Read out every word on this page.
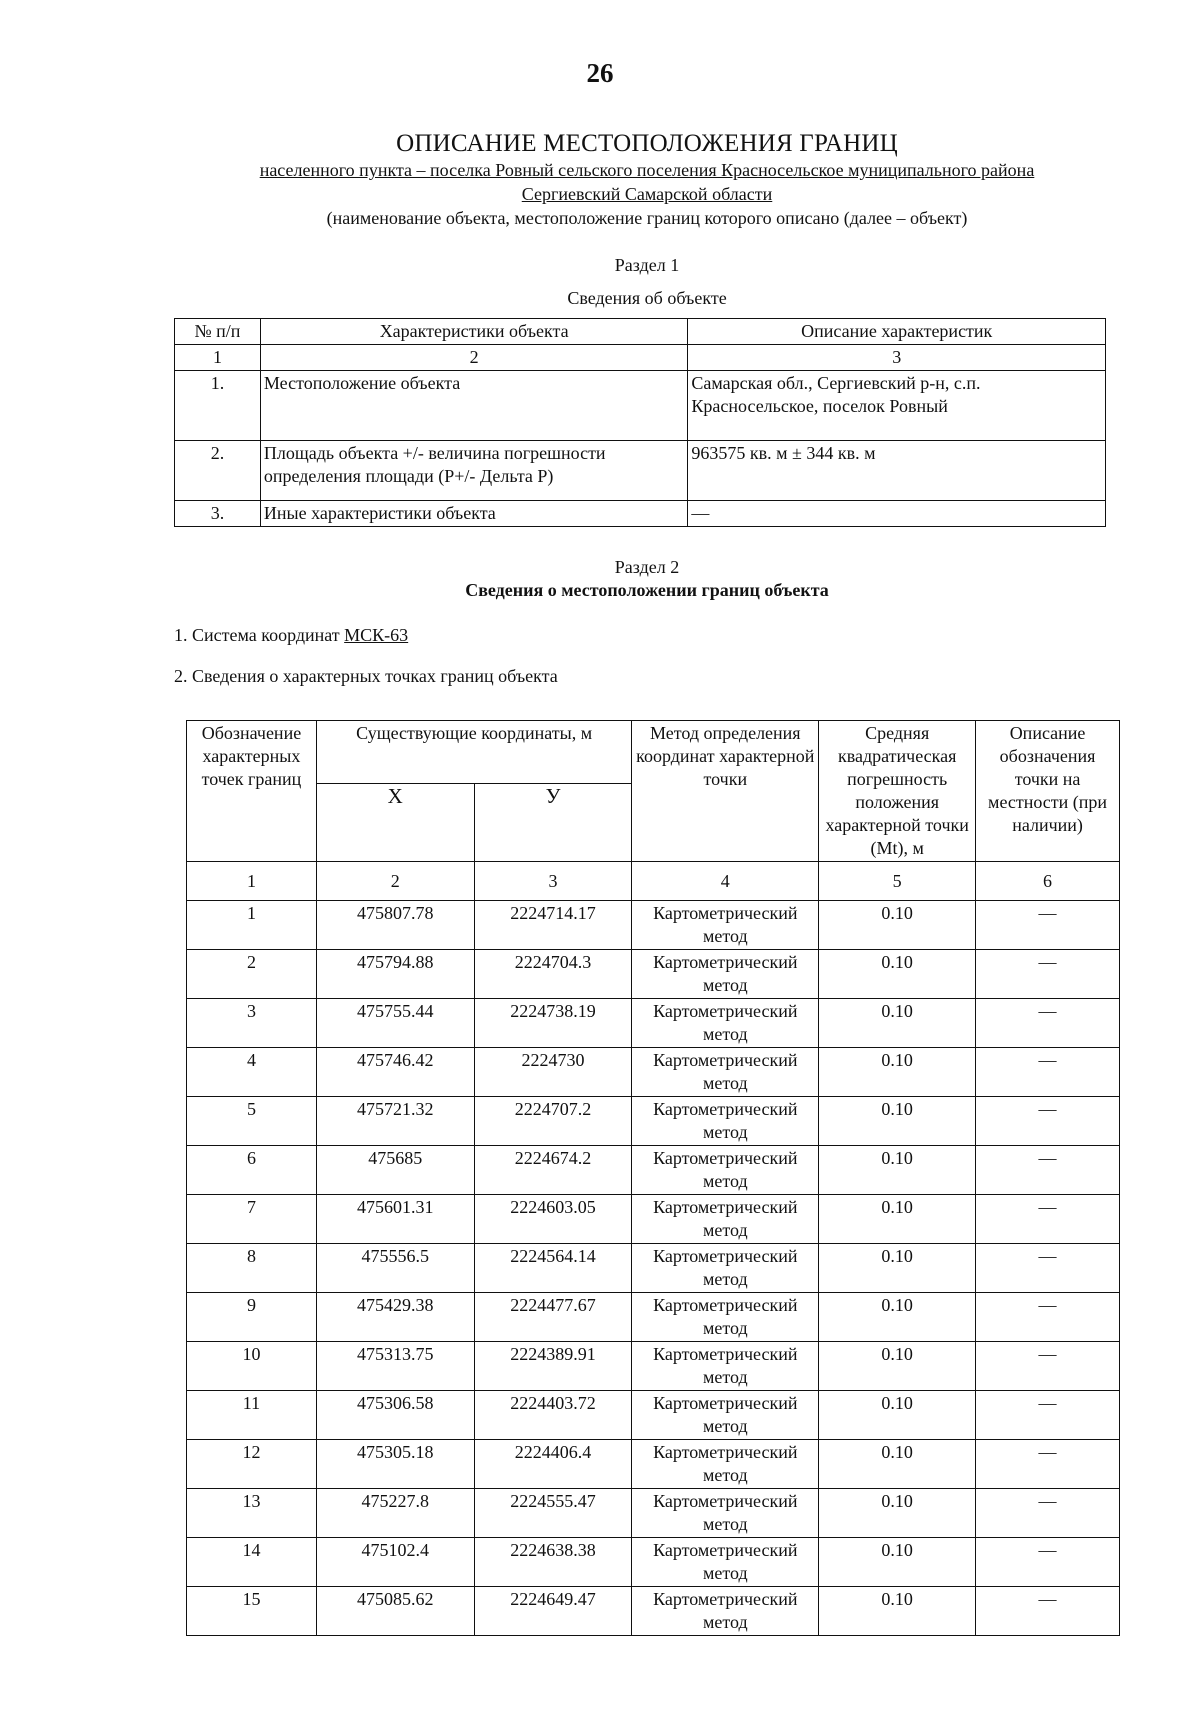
26
ОПИСАНИЕ МЕСТОПОЛОЖЕНИЯ ГРАНИЦ
населенного пункта – поселка Ровный сельского поселения Красносельское муниципального района
Сергиевский Самарской области
(наименование объекта, местоположение границ которого описано (далее – объект)
Раздел 1
Сведения об объекте
№ п/п	Характеристики объекта	Описание характеристик
1	2	3
1.	Местоположение объекта	Самарская обл., Сергиевский р-н, с.п. Красносельское, поселок Ровный
2.	Площадь объекта +/- величина погрешности определения площади (Р+/- Дельта Р)	963575 кв. м ± 344 кв. м
3.	Иные характеристики объекта	—
Раздел 2
Сведения о местоположении границ объекта
1. Система координат МСК-63
2. Сведения о характерных точках границ объекта
Обозначение характерных точек границ	Существующие координаты, м		Метод определения координат характерной точки	Средняя квадратическая погрешность положения характерной точки (Mt), м	Описание обозначения точки на местности (при наличии)
	X	У			
1	2	3	4	5	6
1	475807.78	2224714.17	Картометрический метод	0.10	—
2	475794.88	2224704.3	Картометрический метод	0.10	—
3	475755.44	2224738.19	Картометрический метод	0.10	—
4	475746.42	2224730	Картометрический метод	0.10	—
5	475721.32	2224707.2	Картометрический метод	0.10	—
6	475685	2224674.2	Картометрический метод	0.10	—
7	475601.31	2224603.05	Картометрический метод	0.10	—
8	475556.5	2224564.14	Картометрический метод	0.10	—
9	475429.38	2224477.67	Картометрический метод	0.10	—
10	475313.75	2224389.91	Картометрический метод	0.10	—
11	475306.58	2224403.72	Картометрический метод	0.10	—
12	475305.18	2224406.4	Картометрический метод	0.10	—
13	475227.8	2224555.47	Картометрический метод	0.10	—
14	475102.4	2224638.38	Картометрический метод	0.10	—
15	475085.62	2224649.47	Картометрический метод	0.10	—
